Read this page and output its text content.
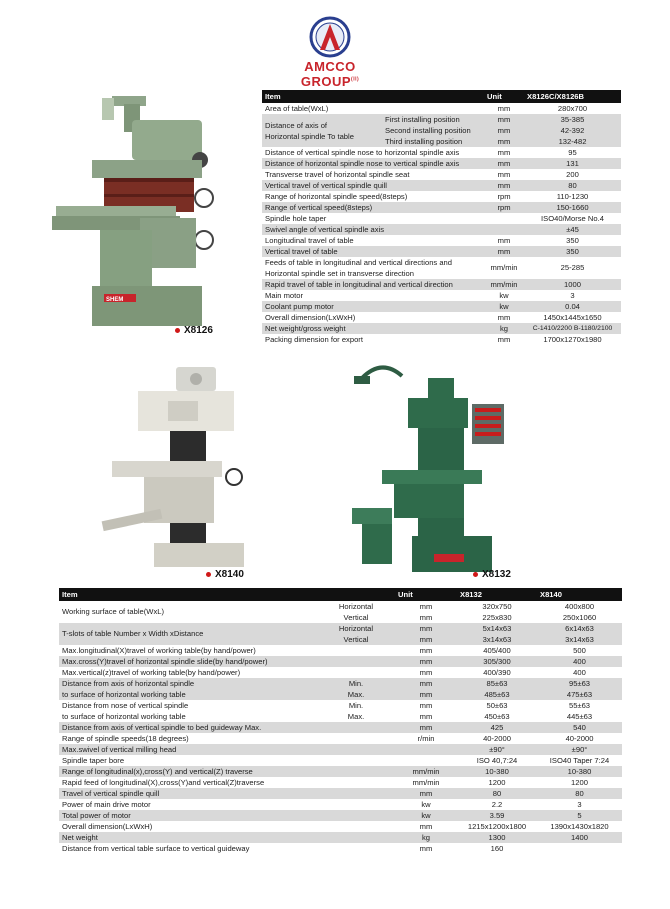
AMCCO $GROUP^{(II)}$
SHEM
X8126
Item		Unit	X8126C/X8126B
Area of table(WxL)		mm	280x700
Distance of axis of
Horizontal spindle To table	First installing position	mm	35-385
	Second installing position	mm	42-392
	Third installing position	mm	132-482
Distance of vertical spindle nose to horizontal spindle axis		mm	95
Distance of horizontal spindle nose to vertical spindle axis		mm	131
Transverse travel of horizontal spindle seat		mm	200
Vertical travel of vertical spindle quill		mm	80
Range of horizontal spindle speed(8steps)		rpm	110-1230
Range of vertical speed(8steps)		rpm	150-1660
Spindle hole taper			ISO40/Morse No.4
Swivel angle of vertical spindle axis			±45
Longitudinal travel of table		mm	350
Vertical travel of table		mm	350
Feeds of table in longitudinal and vertical directions and
Horizontal spindle set in transverse direction		mm/min	25-285
Rapid travel of table in longitudinal and vertical direction		mm/min	1000
Main motor		kw	3
Coolant pump motor		kw	0.04
Overall dimension(LxWxH)		mm	1450x1445x1650
Net weight/gross weight		kg	C-1410/2200 B-1180/2100
Packing dimension for export		mm	1700x1270x1980
X8140	X8132
Item		Unit	X8132	X8140
Working surface of table(WxL)	Horizontal	mm	320x750	400x800
	Vertical	mm	225x830	250x1060
T-slots of table Number x Width xDistance	Horizontal	mm	5x14x63	6x14x63
	Vertical	mm	3x14x63	3x14x63
Max.longitudinal(X)travel of working table(by hand/power)		mm	405/400	500
Max.cross(Y)travel of horizontal spindle slide(by hand/power)		mm	305/300	400
Max.vertical(z)travel of working table(by hand/power)		mm	400/390	400
Distance from axis of horizontal spindle	Min.	mm	85±63	95±63
to surface of horizontal working table	Max.	mm	485±63	475±63
Distance from nose of vertical spindle	Min.	mm	50±63	55±63
to surface of horizontal working table	Max.	mm	450±63	445±63
Distance from axis of vertical spindle to bed guideway Max.		mm	425	540
Range of spindle speeds(18 degrees)		r/min	40-2000	40-2000
Max.swivel of vertical milling head			±90°	±90°
Spindle taper bore			ISO 40,7:24	ISO40 Taper 7:24
Range of longitudinal(x),cross(Y) and vertical(Z) traverse		mm/min	10-380	10-380
Rapid feed of longitudinal(X),cross(Y)and vertical(Z)traverse		mm/min	1200	1200
Travel of vertical spindle quill		mm	80	80
Power of main drive motor		kw	2.2	3
Total power of motor		kw	3.59	5
Overall dimension(LxWxH)		mm	1215x1200x1800	1390x1430x1820
Net weight		kg	1300	1400
Distance from vertical table surface to vertical guideway		mm	160	
